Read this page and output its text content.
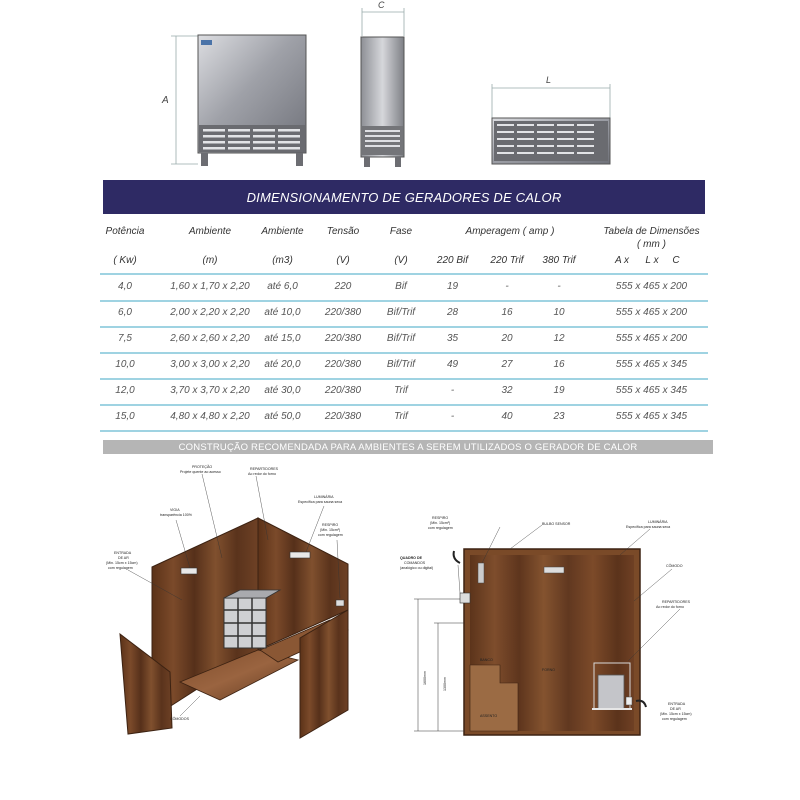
A
C
L
DIMENSIONAMENTO DE GERADORES DE CALOR
Potência	Ambiente	Ambiente	Tensão	Fase	Amperagem ( amp )	Tabela de Dimensões
( mm )
( Kw)	(m)	(m3)	(V)	(V)	220 Bif	220 Trif	380 Trif	A x	L x	C
4,0	1,60 x 1,70 x 2,20	até 6,0	220	Bif	19	-	-	555 x 465 x 200
6,0	2,00 x 2,20 x 2,20	até 10,0	220/380	Bif/Trif	28	16	10	555 x 465 x 200
7,5	2,60 x 2,60 x 2,20	até 15,0	220/380	Bif/Trif	35	20	12	555 x 465 x 200
10,0	3,00 x 3,00 x 2,20	até 20,0	220/380	Bif/Trif	49	27	16	555 x 465 x 345
12,0	3,70 x 3,70 x 2,20	até 30,0	220/380	Trif	-	32	19	555 x 465 x 345
15,0	4,80 x 4,80 x 2,20	até 50,0	220/380	Trif	-	40	23	555 x 465 x 345
CONSTRUÇÃO RECOMENDADA PARA AMBIENTES A SEREM UTILIZADOS O GERADOR DE CALOR
PROTEÇÃO
Projete quente ao acesso
REPARTIDORES
Ao redor do forno
LUMINÁRIA
Específica para sauna seca
VIGIA
transparência 100%
RESPIRO
(Min. 15cm²)
com regulagem
ENTRADA
DE AR
(Min. 15cm x 15cm)
com regulagem
CÔMODOS
RESPIRO
(Min. 15cm²)
com regulagem
BULBO SENSOR	LUMINÁRIA
Específica para sauna seca
QUADRO DE
COMANDOS
(analógico ou digital)	CÔMODO
REPARTIDORES
Ao redor do forno
FORNO
BANCO
ASSENTO
ENTRADA
DE AR
(Min. 15cm x 15cm)
com regulagem
1600mm	1300mm
